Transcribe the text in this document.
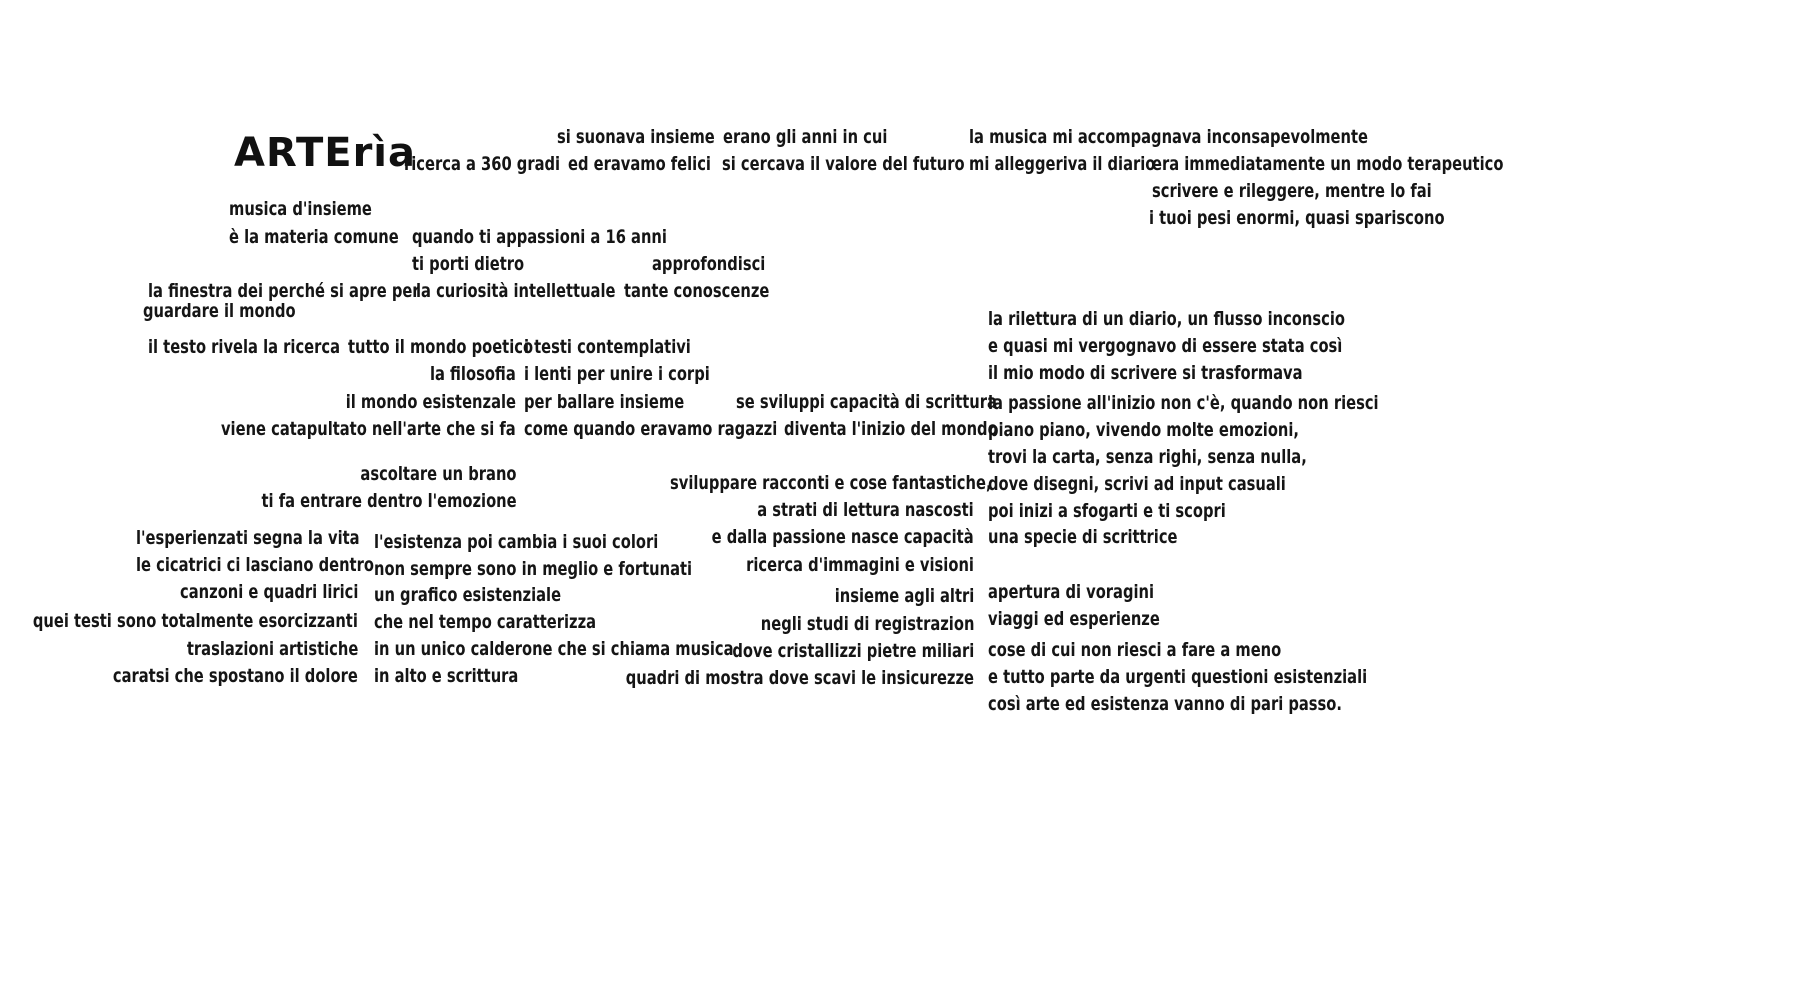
ARTErìa	si suonava insieme erano gli anni in cui	la musica mi accompagnava inconsapevolmente
ricerca a 360 gradi ed eravamo felici si cercava il valore del futuro mi alleggeriva il diario
era immediatamente un modo terapeutico
scrivere e rileggere, mentre lo fai
i tuoi pesi enormi, quasi spariscono
musica d'insieme
è la materia comune quando ti appassioni a 16 anni
ti porti dietro	approfondisci
la finestra dei perché si apre per
la curiosità intellettuale tante conoscenze
guardare il mondo
il testo rivela la ricerca tutto il mondo poetico
i testi contemplativi
la rilettura di un diario, un flusso inconscio
la filosofia i lenti per unire i corpi
e quasi mi vergognavo di essere stata così
il mondo esistenzale per ballare insieme	se sviluppi capacità di scrittura
il mio modo di scrivere si trasformava
viene catapultato nell'arte che si fa come quando eravamo ragazzi diventa l'inizio del mondo
la passione all'inizio non c'è, quando non riesci
piano piano, vivendo molte emozioni,
trovi la carta, senza righi, senza nulla,
ascoltare un brano	sviluppare racconti e cose fantastiche,
dove disegni, scrivi ad input casuali
ti fa entrare dentro l'emozione	a strati di lettura nascosti poi inizi a sfogarti e ti scopri
e dalla passione nasce capacità una specie di scrittrice
l'esperienza ti segna la vita l'esistenza poi cambia i suoi colori
le cicatrici ci lasciano dentro non sempre sono in meglio e fortunati	ricerca d'immagini e visioni
canzoni e quadri lirici un grafico esistenziale	apertura di voragini
quei testi sono totalmente esorcizzanti che nel tempo caratterizza
insieme agli altri
viaggi ed esperienze
negli studi di registrazion
traslazioni artistiche in un unico calderone che si chiama musica
dove cristallizzi pietre miliari cose di cui non riesci a fare a meno
caratsi che spostano il dolore in alto e scrittura	quadri di mostra dove scavi le insicurezze e tutto parte da urgenti questioni esistenziali
così arte ed esistenza vanno di pari passo.
